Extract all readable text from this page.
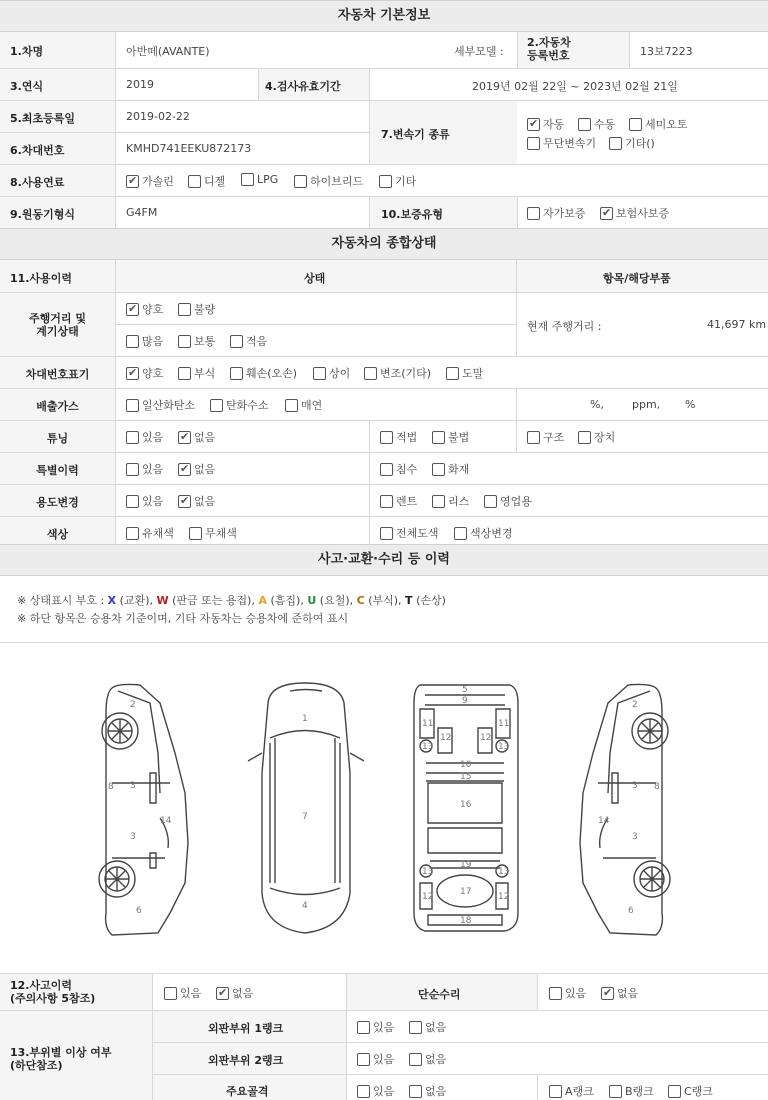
자동차 기본정보
1.차명	아반떼(AVANTE)	세부모델 :
2.자동차
등록번호	13보7223
3.연식	2019	4.검사유효기간	2019년 02월 22일 ~ 2023년 02월 21일
5.최초등록일	2019-02-22
6.차대번호	KMHD741EEKU872173
7.변속기 종류
✔자동	수동	세미오토
무단변속기	기타()
8.사용연료 ✔	가솔린	디젤	LPG	하이브리드	기타
9.원동기형식	G4FM	10.보증유형	자가보증 ✔	보험사보증
자동차의 종합상태
11.사용이력	상태	항목/해당부품
주행거리 및
계기상태
✔양호	불량
많음	보통	적음
현재 주행거리 :	41,697 km
차대번호표기 ✔	양호	부식	훼손(오손)	상이	변조(기타)	도말
배출가스	일산화탄소	탄화수소	매연	%,	ppm, %
튜닝	있음 ✔	없음	적법	불법	구조	장치
특별이력	있음 ✔	없음	침수	화재
용도변경	있음 ✔	없음	렌트	리스	영업용
색상	유채색	무채색	전체도색	색상변경
사고·교환·수리 등 이력
※ 상태표시 부호 : X (교환), W (판금 또는 용접), A (흠집), U (요철), C (부식), T (손상)
※ 하단 항목은 승용차 기준이며, 기타 자동차는 승용차에 준하여 표시
2
3
3
6
8
14
1
7
4
5
9
11	11
12	12
13	13
10
15
16
19
13	13
17
12	12
18
2
3
3
6
8
14
12.사고이력
(주의사항 5참조)	있음 ✔	없음	단순수리	있음 ✔	없음
13.부위별 이상 여부
(하단참조)
외판부위 1랭크	있음	없음
외판부위 2랭크	있음	없음
주요골격	있음	없음	A랭크	B랭크	C랭크
